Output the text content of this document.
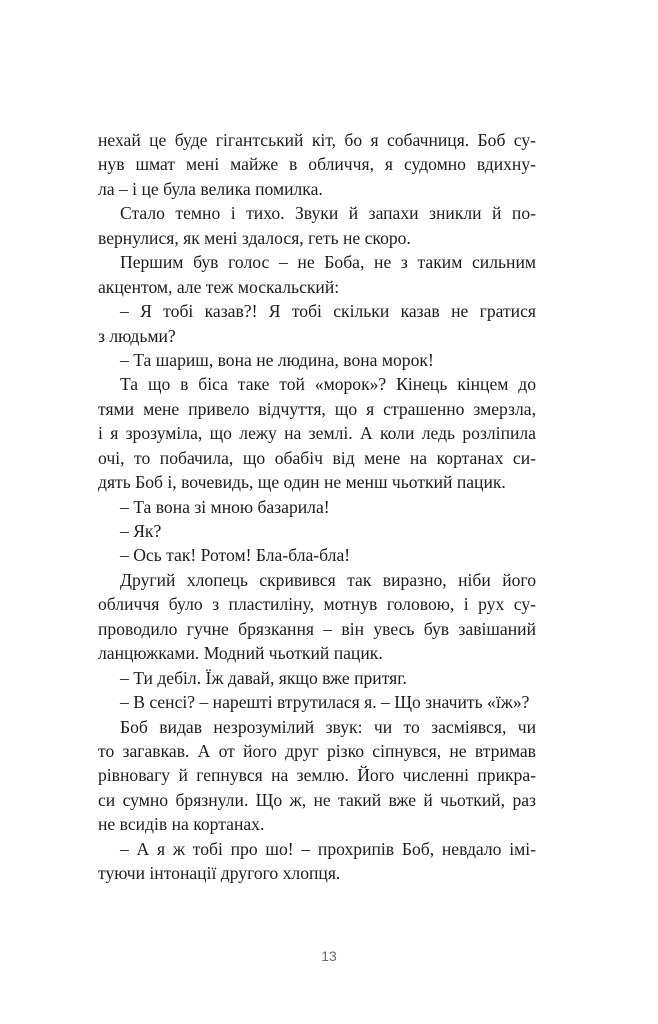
нехай це буде гігантський кіт, бо я собачниця. Боб су-
нув шмат мені майже в обличчя, я судомно вдихну-
ла – і це була велика помилка.
Стало темно і тихо. Звуки й запахи зникли й по-
вернулися, як мені здалося, геть не скоро.
Першим був голос – не Боба, не з таким сильним
акцентом, але теж москальский:
– Я тобі казав?! Я тобі скільки казав не гратися
з людьми?
– Та шариш, вона не людина, вона морок!
Та що в біса таке той «морок»? Кінець кінцем до
тями мене привело відчуття, що я страшенно змерзла,
і я зрозуміла, що лежу на землі. А коли ледь розліпила
очі, то побачила, що обабіч від мене на кортанах си-
дять Боб і, вочевидь, ще один не менш чьоткий пацик.
– Та вона зі мною базарила!
– Як?
– Ось так! Ротом! Бла-бла-бла!
Другий хлопець скривився так виразно, ніби його
обличчя було з пластиліну, мотнув головою, і рух су-
проводило гучне брязкання – він увесь був завішаний
ланцюжками. Модний чьоткий пацик.
– Ти дебіл. Їж давай, якщо вже притяг.
– В сенсі? – нарешті втрутилася я. – Що значить «їж»?
Боб видав незрозумілий звук: чи то засміявся, чи
то загавкав. А от його друг різко сіпнувся, не втримав
рівновагу й гепнувся на землю. Його численні прикра-
си сумно брязнули. Що ж, не такий вже й чьоткий, раз
не всидів на кортанах.
– А я ж тобі про шо! – прохрипів Боб, невдало імі-
туючи інтонації другого хлопця.
13
